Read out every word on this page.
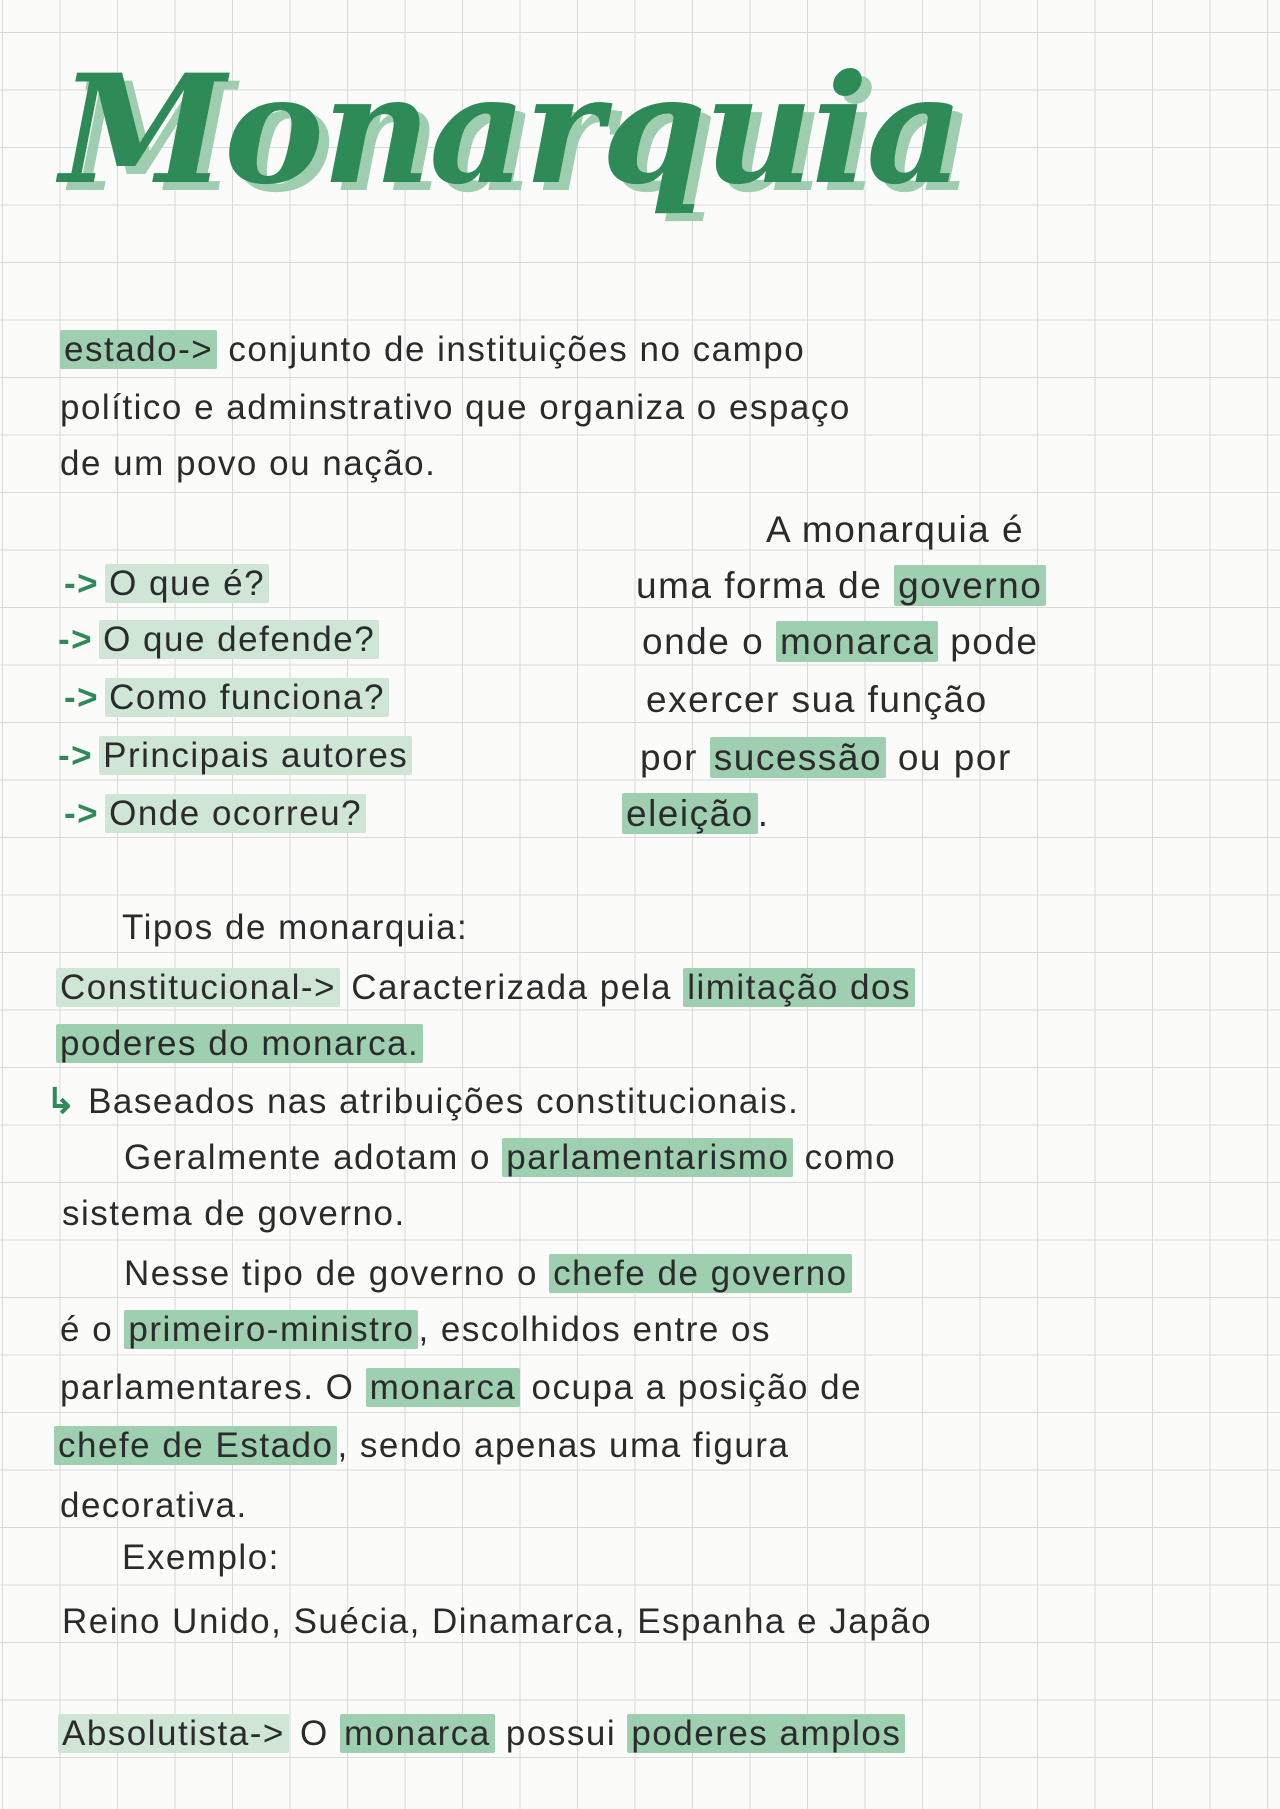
Monarquia
estado-> conjunto de instituições no campo
político e adminstrativo que organiza o espaço
de um povo ou nação.
-> O que é?
-> O que defende?
-> Como funciona?
-> Principais autores
-> Onde ocorreu?
A monarquia é
uma forma de governo
onde o monarca pode
exercer sua função
por sucessão ou por
eleição .
Tipos de monarquia:
Constitucional-> Caracterizada pela limitação dos
poderes do monarca.
↳ Baseados nas atribuições constitucionais.
Geralmente adotam o parlamentarismo como
sistema de governo.
Nesse tipo de governo o chefe de governo
é o primeiro-ministro , escolhidos entre os
parlamentares. O monarca ocupa a posição de
chefe de Estado , sendo apenas uma figura
decorativa.
Exemplo:
Reino Unido, Suécia, Dinamarca, Espanha e Japão
Absolutista-> O monarca possui poderes amplos
